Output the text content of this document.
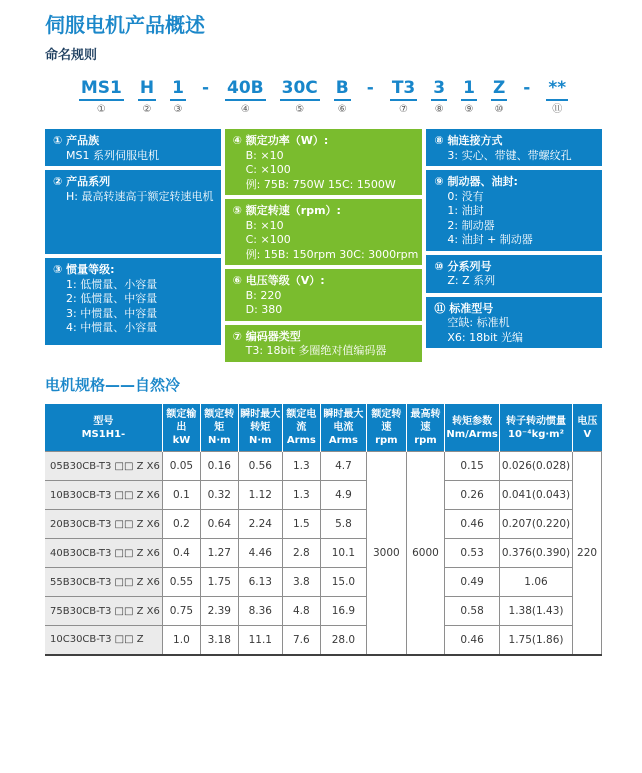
伺服电机产品概述
命名规则
MS1
①
H
②
1
③
- 40B
④
30C
⑤
B
⑥
- T3
⑦
3
⑧
1
⑨
Z
⑩
- **
⑪
① 产品族
MS1 系列伺服电机
② 产品系列
H: 最高转速高于额定转速电机
③ 惯量等级:
1: 低惯量、小容量
2: 低惯量、中容量
3: 中惯量、中容量
4: 中惯量、小容量
④ 额定功率（W）:
B: ×10
C: ×100
例: 75B: 750W 15C: 1500W
⑤ 额定转速（rpm）:
B: ×10
C: ×100
例: 15B: 150rpm 30C: 3000rpm
⑥ 电压等级（V）:
B: 220
D: 380
⑦ 编码器类型
T3: 18bit 多圈绝对值编码器
⑧ 轴连接方式
3: 实心、带键、带螺纹孔
⑨ 制动器、油封:
0: 没有
1: 油封
2: 制动器
4: 油封 + 制动器
⑩ 分系列号
Z: Z 系列
⑪ 标准型号
空缺: 标准机
X6: 18bit 光编
电机规格——自然冷
型号
MS1H1-

额定输出
kW

额定转矩
N·m

瞬时最大转矩
N·m

额定电流
Arms

瞬时最大电流
Arms

额定转速
rpm

最高转速
rpm

转矩参数
Nm/Arms

转子转动惯量
10⁻⁴kg·m²

电压
V

05B30CB-T3 □□ Z X6	0.05	0.16	0.56	1.3	4.7	3000	6000	0.15	0.026(0.028)	220
10B30CB-T3 □□ Z X6	0.1	0.32	1.12	1.3	4.9			0.26	0.041(0.043)	
20B30CB-T3 □□ Z X6	0.2	0.64	2.24	1.5	5.8			0.46	0.207(0.220)	
40B30CB-T3 □□ Z X6	0.4	1.27	4.46	2.8	10.1			0.53	0.376(0.390)	
55B30CB-T3 □□ Z X6	0.55	1.75	6.13	3.8	15.0			0.49	1.06	
75B30CB-T3 □□ Z X6	0.75	2.39	8.36	4.8	16.9			0.58	1.38(1.43)	
10C30CB-T3 □□ Z	1.0	3.18	11.1	7.6	28.0			0.46	1.75(1.86)	
